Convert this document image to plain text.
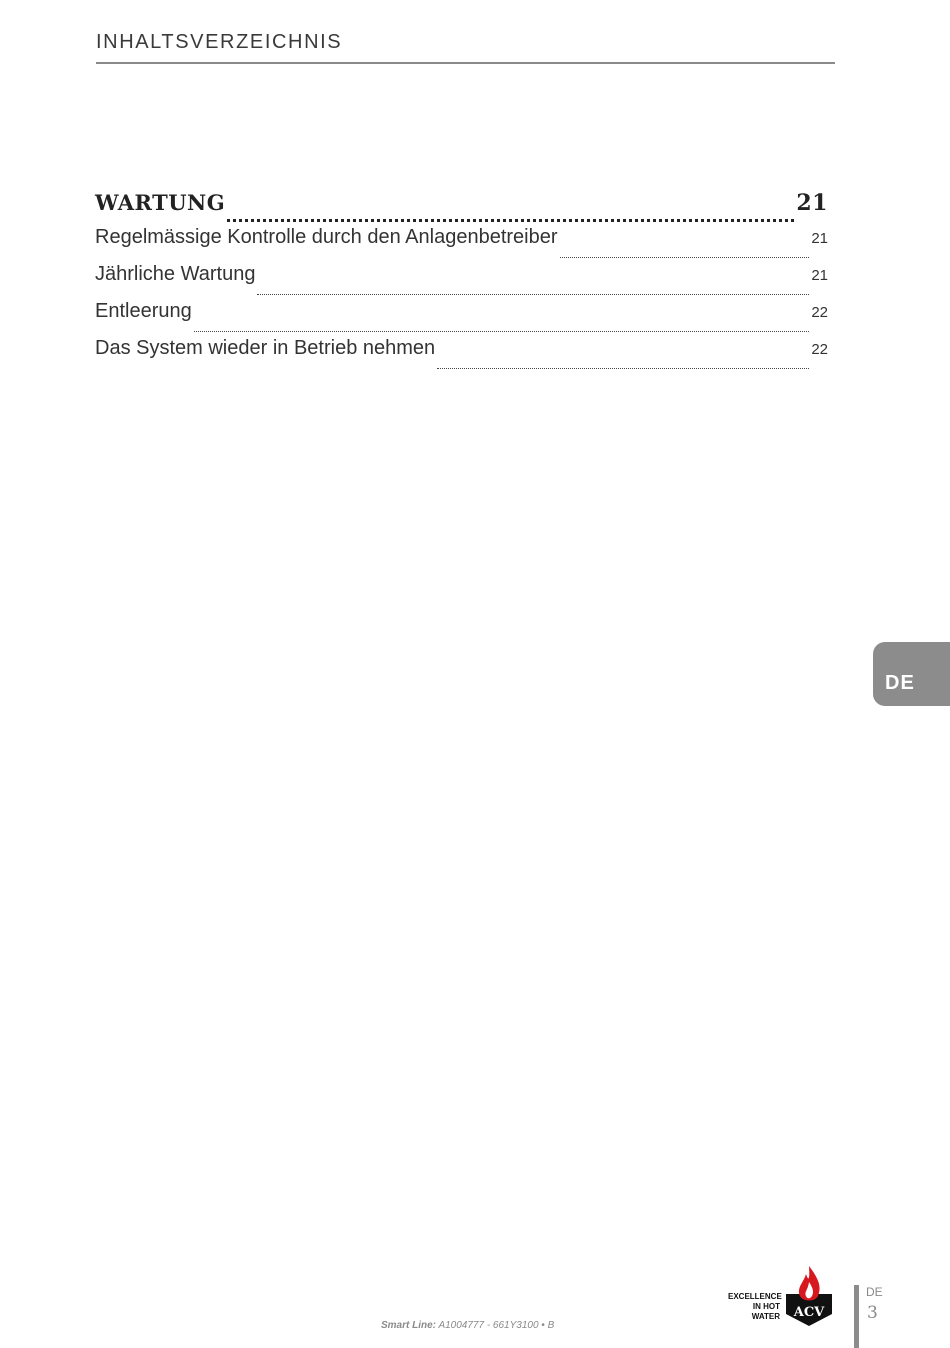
INHALTSVERZEICHNIS
WARTUNG	21
Regelmässige Kontrolle durch den Anlagenbetreiber	21
Jährliche Wartung	21
Entleerung	22
Das System wieder in Betrieb nehmen	22
DE
Smart Line: A1004777 - 661Y3100 • B
EXCELLENCE
IN HOT WATER ACV
DE
3
